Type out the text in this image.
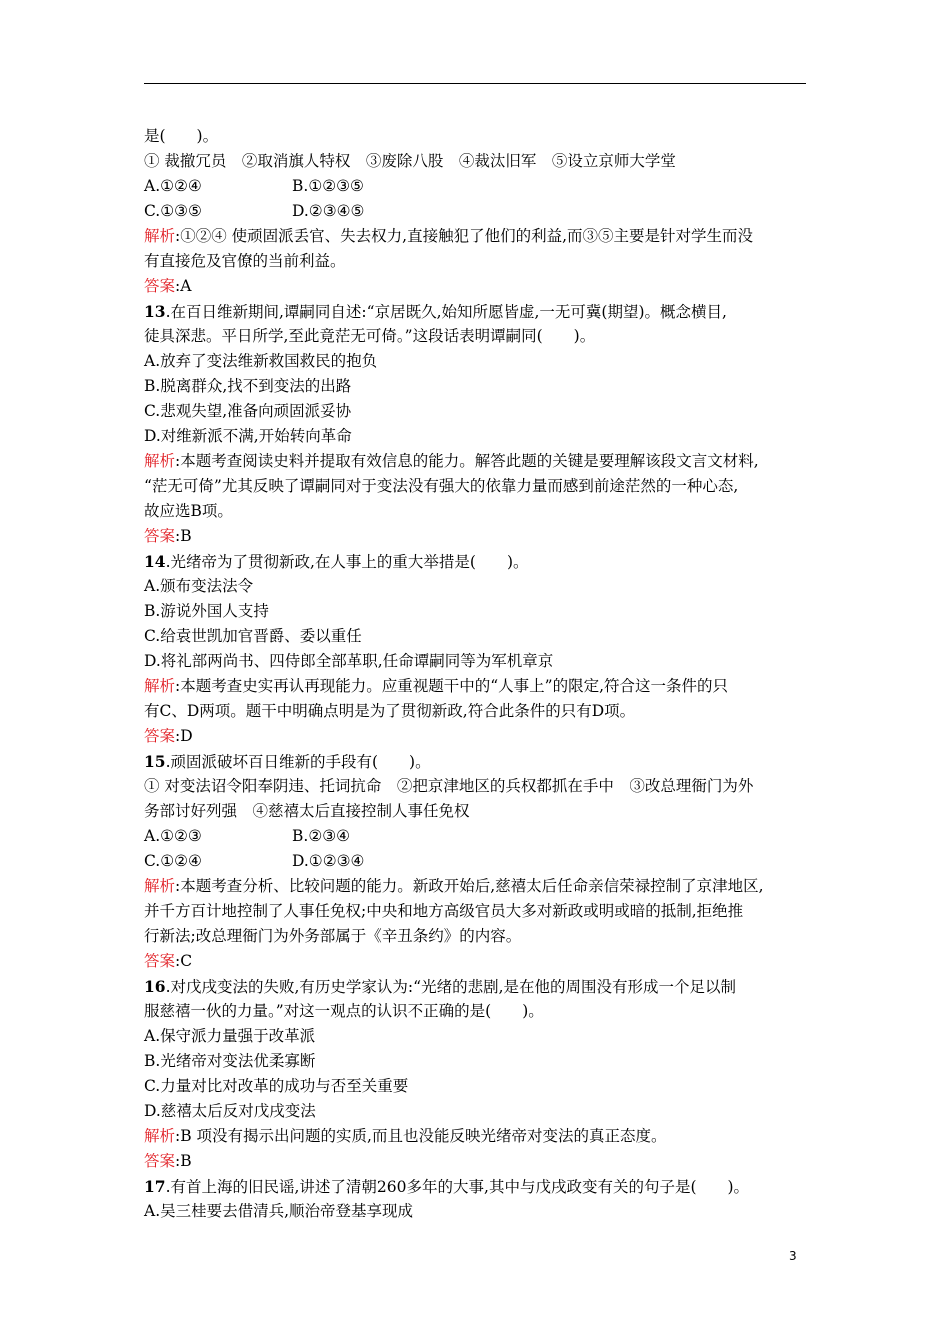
是(　　)。
① 裁撤冗员　②取消旗人特权　③废除八股　④裁汰旧军　⑤设立京师大学堂
A.①②④	B.①②③⑤
C.①③⑤	D.②③④⑤
解析:①②④ 使顽固派丢官、失去权力,直接触犯了他们的利益,而③⑤主要是针对学生而没
有直接危及官僚的当前利益。
答案:A
13.在百日维新期间,谭嗣同自述:“京居既久,始知所愿皆虚,一无可冀(期望)。概念横目,
徒具深悲。平日所学,至此竟茫无可倚。”这段话表明谭嗣同(　　)。
A.放弃了变法维新救国救民的抱负
B.脱离群众,找不到变法的出路
C.悲观失望,准备向顽固派妥协
D.对维新派不满,开始转向革命
解析:本题考查阅读史料并提取有效信息的能力。解答此题的关键是要理解该段文言文材料,
“茫无可倚”尤其反映了谭嗣同对于变法没有强大的依靠力量而感到前途茫然的一种心态,
故应选B项。
答案:B
14.光绪帝为了贯彻新政,在人事上的重大举措是(　　)。
A.颁布变法法令
B.游说外国人支持
C.给袁世凯加官晋爵、委以重任
D.将礼部两尚书、四侍郎全部革职,任命谭嗣同等为军机章京
解析:本题考查史实再认再现能力。应重视题干中的“人事上”的限定,符合这一条件的只
有C、D两项。题干中明确点明是为了贯彻新政,符合此条件的只有D项。
答案:D
15.顽固派破坏百日维新的手段有(　　)。
① 对变法诏令阳奉阴违、托词抗命　②把京津地区的兵权都抓在手中　③改总理衙门为外
务部讨好列强　④慈禧太后直接控制人事任免权
A.①②③	B.②③④
C.①②④	D.①②③④
解析:本题考查分析、比较问题的能力。新政开始后,慈禧太后任命亲信荣禄控制了京津地区,
并千方百计地控制了人事任免权;中央和地方高级官员大多对新政或明或暗的抵制,拒绝推
行新法;改总理衙门为外务部属于《辛丑条约》的内容。
答案:C
16.对戊戌变法的失败,有历史学家认为:“光绪的悲剧,是在他的周围没有形成一个足以制
服慈禧一伙的力量。”对这一观点的认识不正确的是(　　)。
A.保守派力量强于改革派
B.光绪帝对变法优柔寡断
C.力量对比对改革的成功与否至关重要
D.慈禧太后反对戊戌变法
解析:B 项没有揭示出问题的实质,而且也没能反映光绪帝对变法的真正态度。
答案:B
17.有首上海的旧民谣,讲述了清朝260多年的大事,其中与戊戌政变有关的句子是(　　)。
A.吴三桂要去借清兵,顺治帝登基享现成
3
